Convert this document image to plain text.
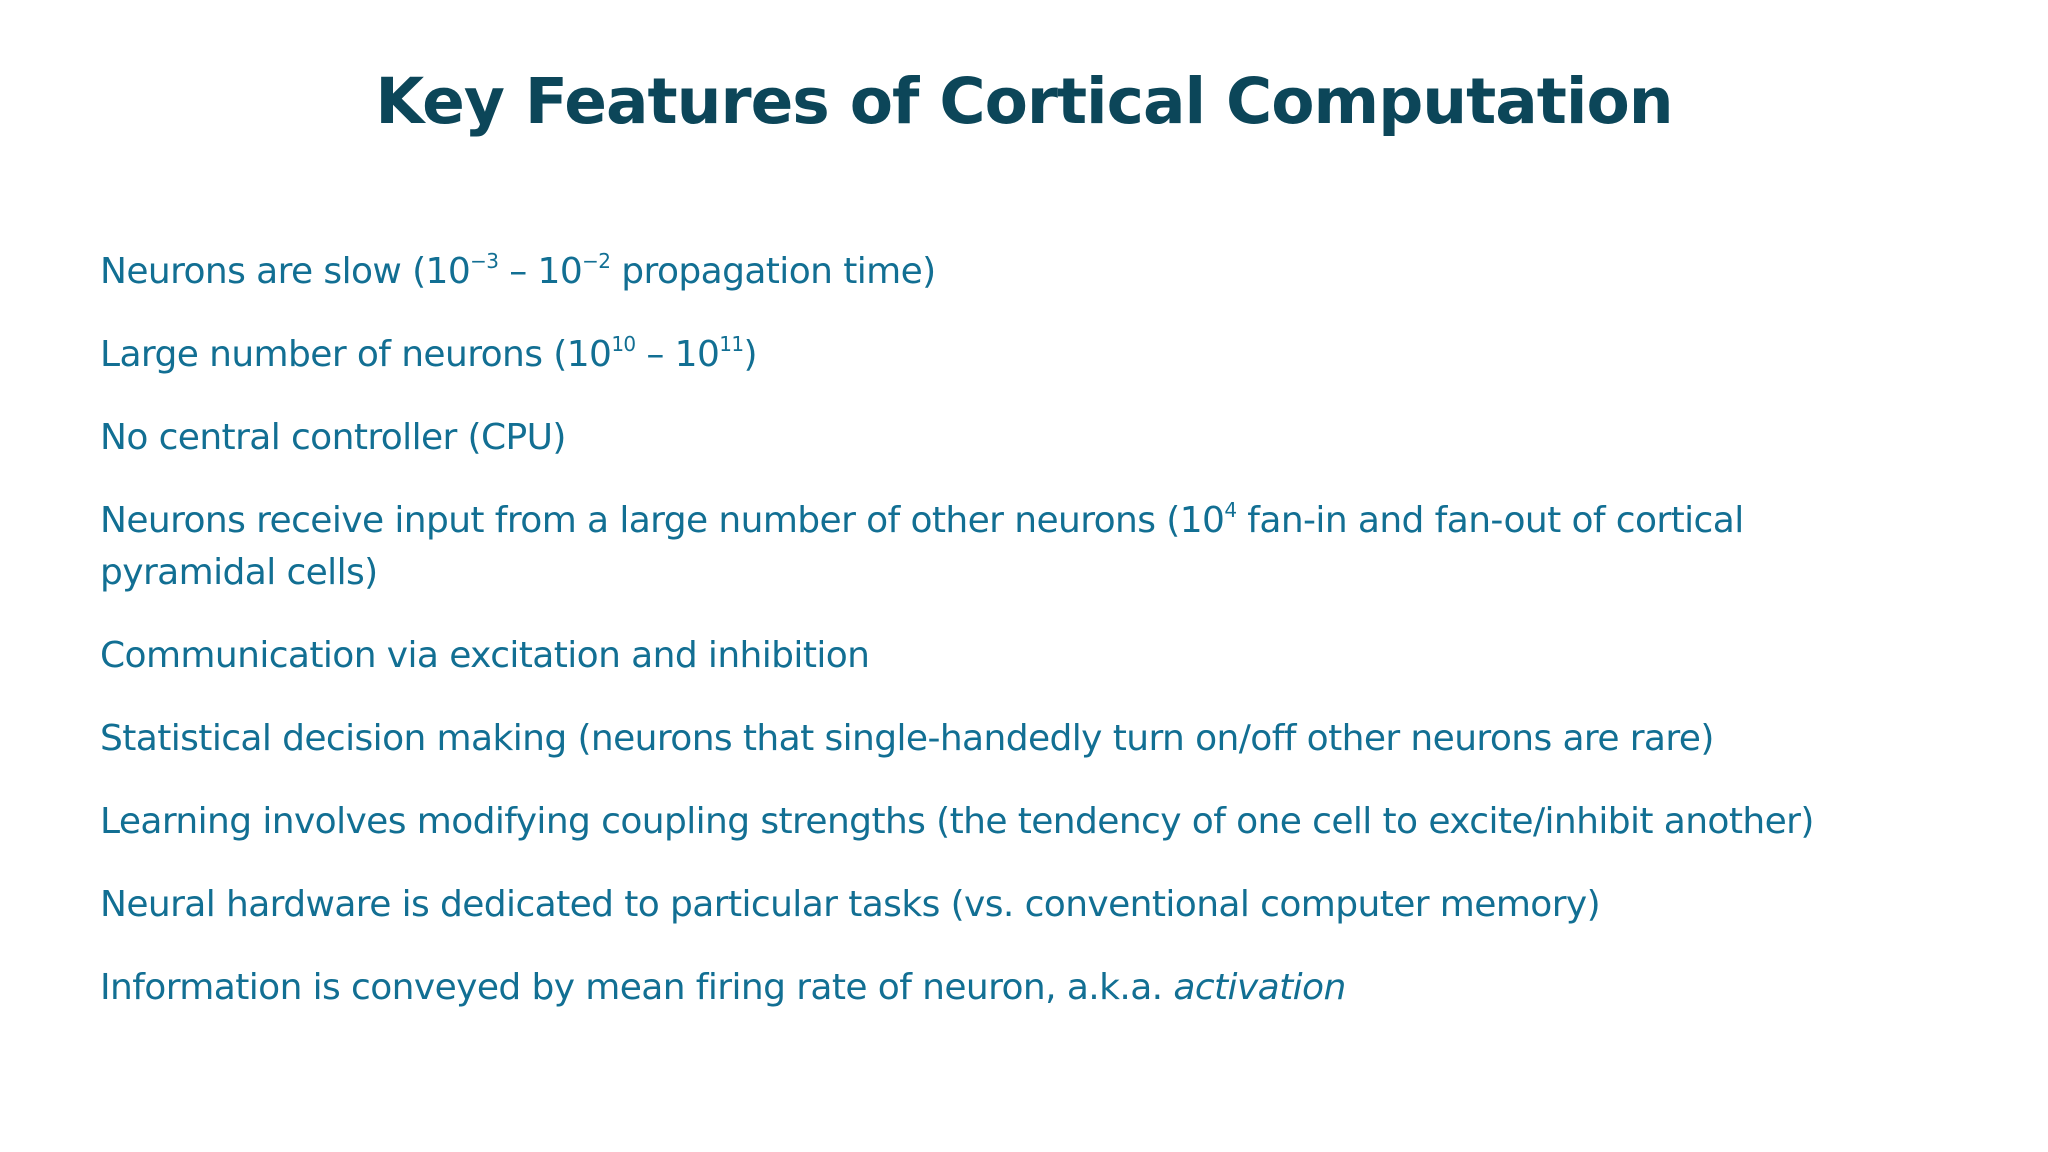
Key Features of Cortical Computation
Neurons are slow ($10^{-3} - 10^{-2}$ propagation time)
Large number of neurons $(10^{10} - 10^{11})$
No central controller (CPU)
Neurons receive input from a large number of other neurons ($10^4$ fan-in and fan-out of cortical pyramidal cells)
Communication via excitation and inhibition
Statistical decision making (neurons that single-handedly turn on/off other neurons are rare)
Learning involves modifying coupling strengths (the tendency of one cell to excite/inhibit another)
Neural hardware is dedicated to particular tasks (vs. conventional computer memory)
Information is conveyed by mean firing rate of neuron, a.k.a. activation
